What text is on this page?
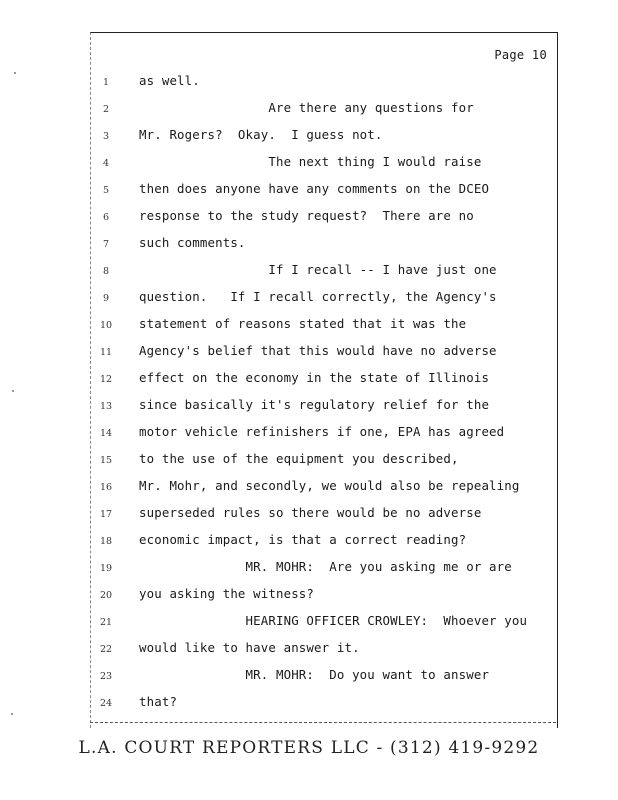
Page 10
1	as well.
2	Are there any questions for
3	Mr. Rogers?  Okay.  I guess not.
4	The next thing I would raise
5	then does anyone have any comments on the DCEO
6	response to the study request?  There are no
7	such comments.
8	If I recall -- I have just one
9	question.   If I recall correctly, the Agency's
10	statement of reasons stated that it was the
11	Agency's belief that this would have no adverse
12	effect on the economy in the state of Illinois
13	since basically it's regulatory relief for the
14	motor vehicle refinishers if one, EPA has agreed
15	to the use of the equipment you described,
16	Mr. Mohr, and secondly, we would also be repealing
17	superseded rules so there would be no adverse
18	economic impact, is that a correct reading?
19	MR. MOHR:  Are you asking me or are
20	you asking the witness?
21	HEARING OFFICER CROWLEY:  Whoever you
22	would like to have answer it.
23	MR. MOHR:  Do you want to answer
24	that?
L.A. COURT REPORTERS LLC - (312) 419-9292
